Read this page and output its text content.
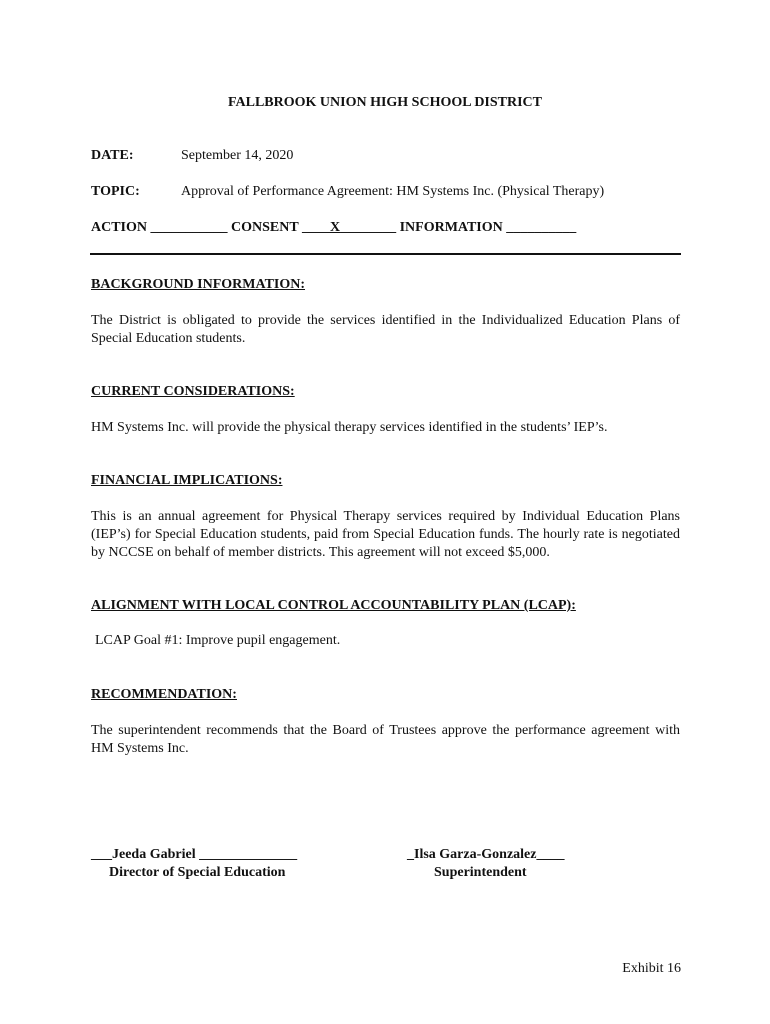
FALLBROOK UNION HIGH SCHOOL DISTRICT
DATE:	September 14, 2020
TOPIC:	Approval of Performance Agreement: HM Systems Inc. (Physical Therapy)
ACTION ___________ CONSENT ____X________ INFORMATION __________
BACKGROUND INFORMATION:
The District is obligated to provide the services identified in the Individualized Education Plans of Special Education students.
CURRENT CONSIDERATIONS:
HM Systems Inc. will provide the physical therapy services identified in the students’ IEP’s.
FINANCIAL IMPLICATIONS:
This is an annual agreement for Physical Therapy services required by Individual Education Plans (IEP’s) for Special Education students, paid from Special Education funds. The hourly rate is negotiated by NCCSE on behalf of member districts. This agreement will not exceed $5,000.
ALIGNMENT WITH LOCAL CONTROL ACCOUNTABILITY PLAN (LCAP):
LCAP Goal #1: Improve pupil engagement.
RECOMMENDATION:
The superintendent recommends that the Board of Trustees approve the performance agreement with HM Systems Inc.
___Jeeda Gabriel ______________
Director of Special Education
_Ilsa Garza-Gonzalez____
Superintendent
Exhibit 16
